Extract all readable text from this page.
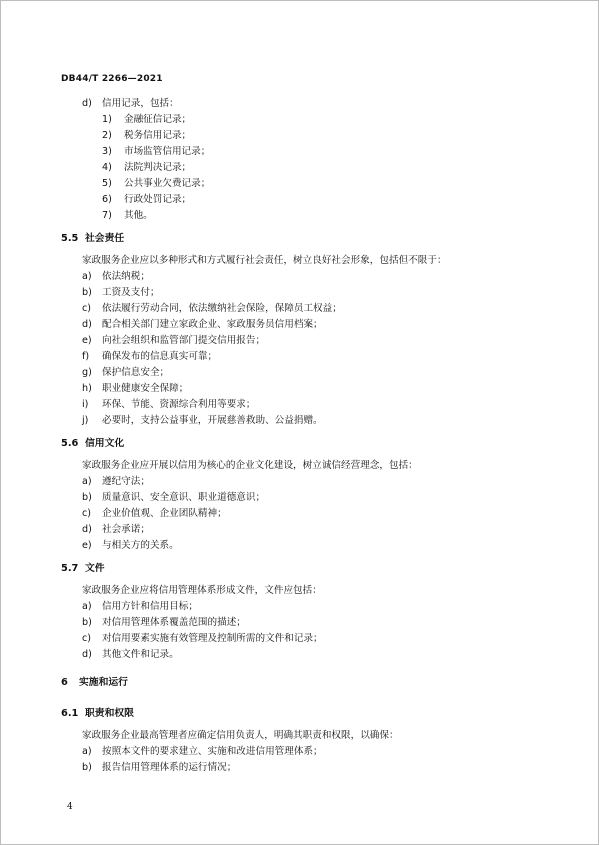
DB44/T 2266—2021
d) 信用记录，包括：
1) 金融征信记录；
2) 税务信用记录；
3) 市场监管信用记录；
4) 法院判决记录；
5) 公共事业欠费记录；
6) 行政处罚记录；
7) 其他。
5.5 社会责任
家政服务企业应以多种形式和方式履行社会责任，树立良好社会形象，包括但不限于：
a) 依法纳税；
b) 工资及支付；
c) 依法履行劳动合同，依法缴纳社会保险，保障员工权益；
d) 配合相关部门建立家政企业、家政服务员信用档案；
e) 向社会组织和监管部门提交信用报告；
f) 确保发布的信息真实可靠；
g) 保护信息安全；
h) 职业健康安全保障；
i) 环保、节能、资源综合利用等要求；
j) 必要时，支持公益事业，开展慈善救助、公益捐赠。
5.6 信用文化
家政服务企业应开展以信用为核心的企业文化建设，树立诚信经营理念，包括：
a) 遵纪守法；
b) 质量意识、安全意识、职业道德意识；
c) 企业价值观、企业团队精神；
d) 社会承诺；
e) 与相关方的关系。
5.7 文件
家政服务企业应将信用管理体系形成文件，文件应包括：
a) 信用方针和信用目标；
b) 对信用管理体系覆盖范围的描述；
c) 对信用要素实施有效管理及控制所需的文件和记录；
d) 其他文件和记录。
6 实施和运行
6.1 职责和权限
家政服务企业最高管理者应确定信用负责人，明确其职责和权限，以确保：
a) 按照本文件的要求建立、实施和改进信用管理体系；
b) 报告信用管理体系的运行情况；
4
